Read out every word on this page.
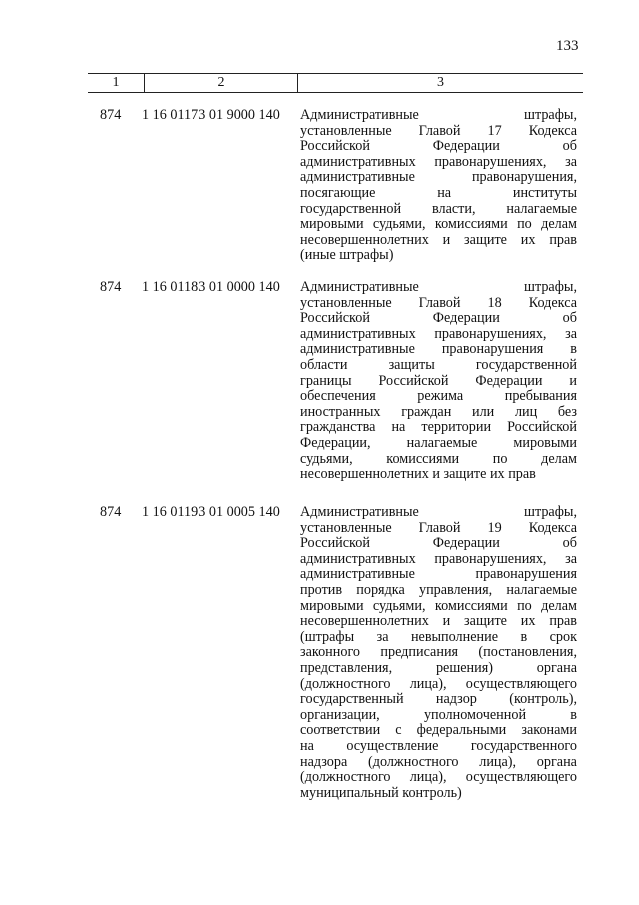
133
1	2	3
874 1 16 01173 01 9000 140 Административные штрафы,
установленные Главой 17 Кодекса
Российской Федерации об
административных правонарушениях, за
административные правонарушения,
посягающие на институты
государственной власти, налагаемые
мировыми судьями, комиссиями по делам
несовершеннолетних и защите их прав
(иные штрафы)
874 1 16 01183 01 0000 140 Административные штрафы,
установленные Главой 18 Кодекса
Российской Федерации об
административных правонарушениях, за
административные правонарушения в
области защиты государственной
границы Российской Федерации и
обеспечения режима пребывания
иностранных граждан или лиц без
гражданства на территории Российской
Федерации, налагаемые мировыми
судьями, комиссиями по делам
несовершеннолетних и защите их прав
874 1 16 01193 01 0005 140 Административные штрафы,
установленные Главой 19 Кодекса
Российской Федерации об
административных правонарушениях, за
административные правонарушения
против порядка управления, налагаемые
мировыми судьями, комиссиями по делам
несовершеннолетних и защите их прав
(штрафы за невыполнение в срок
законного предписания (постановления,
представления, решения) органа
(должностного лица), осуществляющего
государственный надзор (контроль),
организации, уполномоченной в
соответствии с федеральными законами
на осуществление государственного
надзора (должностного лица), органа
(должностного лица), осуществляющего
муниципальный контроль)
